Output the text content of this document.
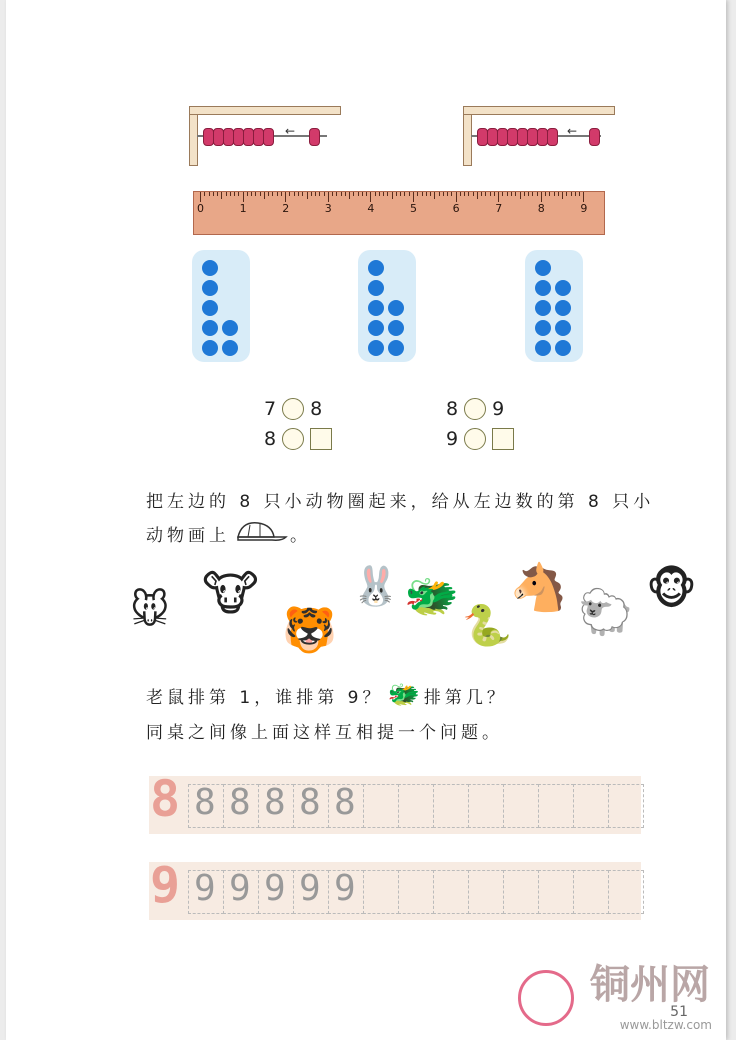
←	←
0	1	2	3	4	5	6	7	8	9
7 8
8
8 9
9
把左边的 8 只小动物圈起来，给从左边数的第 8 只小
动物画上	。
🐭 🐮
🐯
🐰 🐲
🐍
🐴 🐑 🐵
老鼠排第 1，谁排第 9？ 🐲 排第几？
同桌之间像上面这样互相提一个问题。
8 8 8 8 8 8
9 9 9 9 9 9
铜州网
www.bltzw.com
51
